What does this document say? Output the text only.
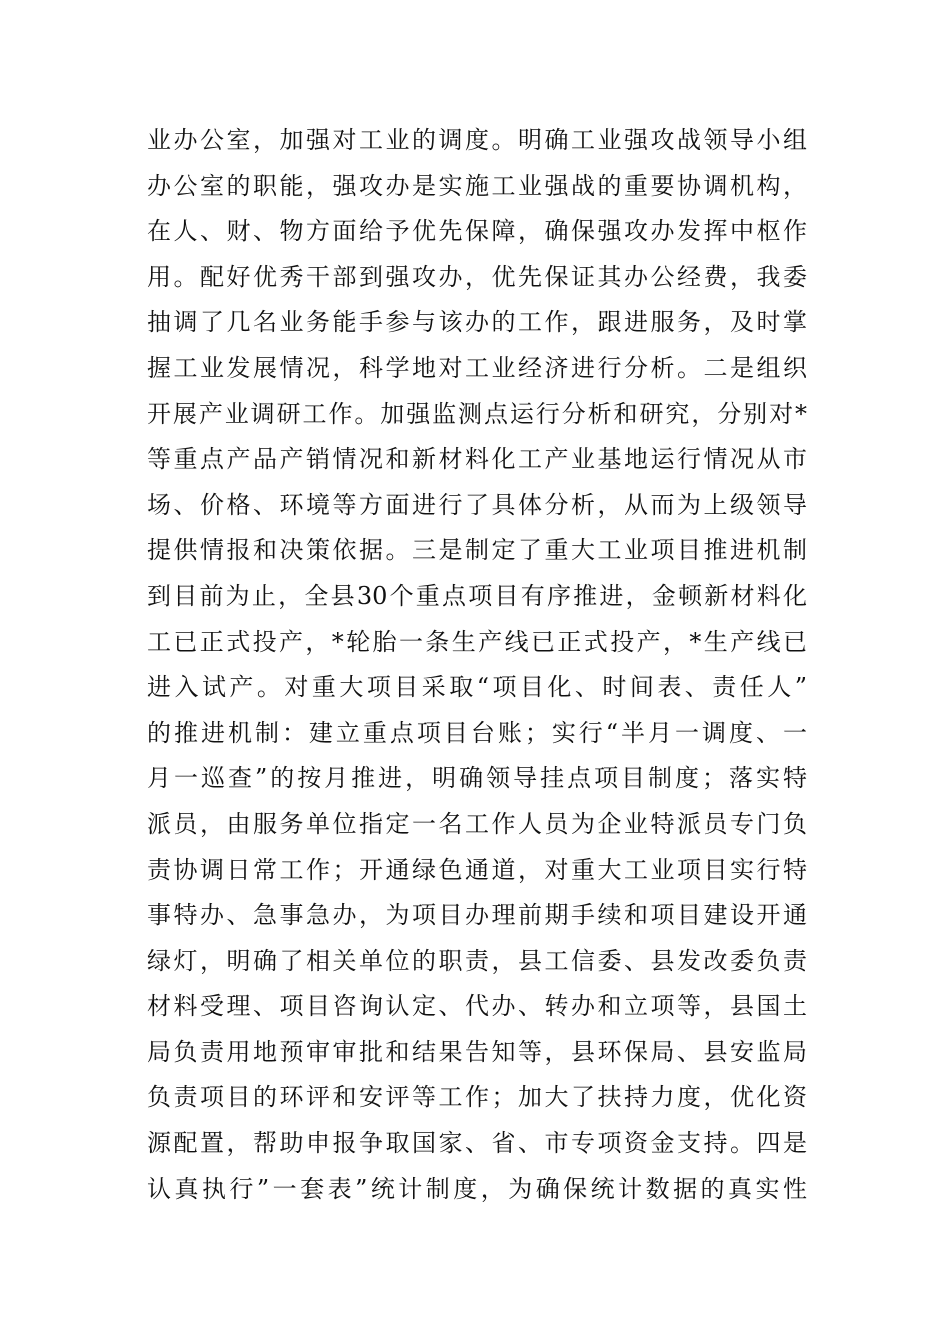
业办公室，加强对工业的调度。明确工业强攻战领导小组
办公室的职能，强攻办是实施工业强战的重要协调机构，
在人、财、物方面给予优先保障，确保强攻办发挥中枢作
用。配好优秀干部到强攻办，优先保证其办公经费，我委
抽调了几名业务能手参与该办的工作，跟进服务，及时掌
握工业发展情况，科学地对工业经济进行分析。二是组织
开展产业调研工作。加强监测点运行分析和研究，分别对*
等重点产品产销情况和新材料化工产业基地运行情况从市
场、价格、环境等方面进行了具体分析，从而为上级领导
提供情报和决策依据。三是制定了重大工业项目推进机制
到目前为止，全县30个重点项目有序推进，金顿新材料化
工已正式投产，*轮胎一条生产线已正式投产，*生产线已
进入试产。对重大项目采取“项目化、时间表、责任人”
的推进机制：建立重点项目台账；实行“半月一调度、一
月一巡查”的按月推进，明确领导挂点项目制度；落实特
派员，由服务单位指定一名工作人员为企业特派员专门负
责协调日常工作；开通绿色通道，对重大工业项目实行特
事特办、急事急办，为项目办理前期手续和项目建设开通
绿灯，明确了相关单位的职责，县工信委、县发改委负责
材料受理、项目咨询认定、代办、转办和立项等，县国土
局负责用地预审审批和结果告知等，县环保局、县安监局
负责项目的环评和安评等工作；加大了扶持力度，优化资
源配置，帮助申报争取国家、省、市专项资金支持。四是
认真执行”一套表”统计制度，为确保统计数据的真实性
